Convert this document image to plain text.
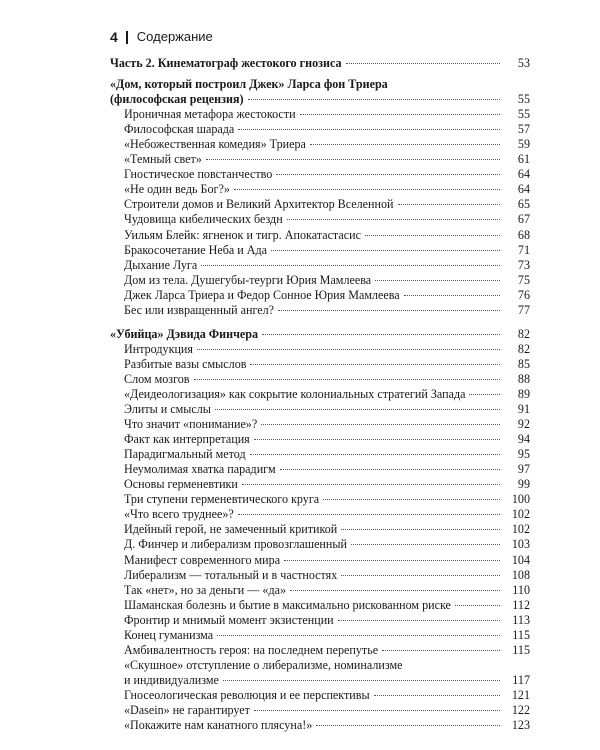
4 Содержание
Часть 2. Кинематограф жестокого гнозиса	53
«Дом, который построил Джек» Ларса фон Триера
(философская рецензия)	55
Ироничная метафора жестокости	55
Философская шарада	57
«Небожественная комедия» Триера	59
«Темный свет»	61
Гностическое повстанчество	64
«Не один ведь Бог?»	64
Строители домов и Великий Архитектор Вселенной	65
Чудовища кибелических бездн	67
Уильям Блейк: ягненок и тигр. Апокатастасис	68
Бракосочетание Неба и Ада	71
Дыхание Луга	73
Дом из тела. Душегубы-теурги Юрия Мамлеева	75
Джек Ларса Триера и Федор Сонное Юрия Мамлеева	76
Бес или извращенный ангел?	77
«Убийца» Дэвида Финчера	82
Интродукция	82
Разбитые вазы смыслов	85
Слом мозгов	88
«Деидеологизация» как сокрытие колониальных стратегий Запада	89
Элиты и смыслы	91
Что значит «понимание»?	92
Факт как интерпретация	94
Парадигмальный метод	95
Неумолимая хватка парадигм	97
Основы герменевтики	99
Три ступени герменевтического круга	100
«Что всего труднее»?	102
Идейный герой, не замеченный критикой	102
Д. Финчер и либерализм провозглашенный	103
Манифест современного мира	104
Либерализм — тотальный и в частностях	108
Так «нет», но за деньги — «да»	110
Шаманская болезнь и бытие в максимально рискованном риске	112
Фронтир и мнимый момент экзистенции	113
Конец гуманизма	115
Амбивалентность героя: на последнем перепутье	115
«Скушное» отступление о либерализме, номинализме
и индивидуализме	117
Гносеологическая революция и ее перспективы	121
«Dasein» не гарантирует	122
«Покажите нам канатного плясуна!»	123
